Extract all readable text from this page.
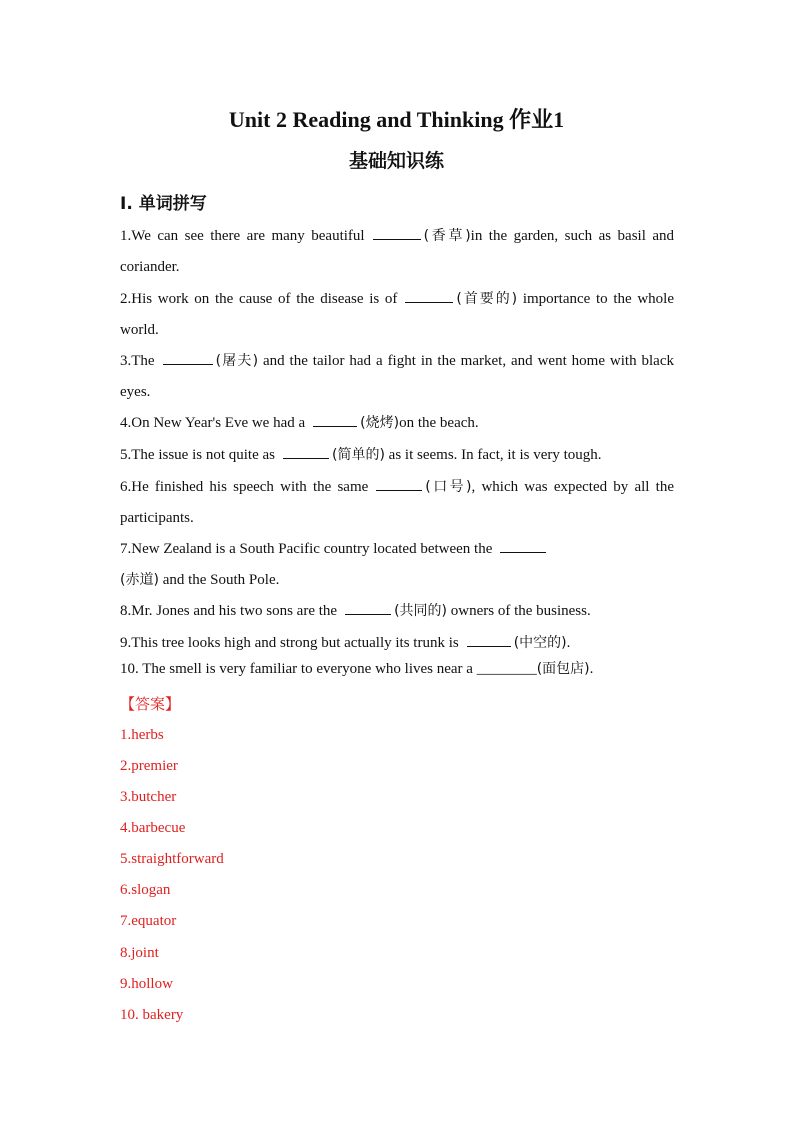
Unit 2 Reading and Thinking 作业1
基础知识练
I. 单词拼写
1.We can see there are many beautiful	(香草)in the garden, such as basil and coriander.
2.His work on the cause of the disease is of	(首要的) importance to the whole world.
3.The	(屠夫) and the tailor had a fight in the market, and went home with black eyes.
4.On New Year's Eve we had a	(烧烤)on the beach.
5.The issue is not quite as	(简单的) as it seems. In fact, it is very tough.
6.He finished his speech with the same	(口号), which was expected by all the participants.
7.New Zealand is a South Pacific country located between the
(赤道) and the South Pole.
8.Mr. Jones and his two sons are the	(共同的) owners of the business.
9.This tree looks high and strong but actually its trunk is	(中空的).
10. The smell is very familiar to everyone who lives near a ________(面包店).
【答案】
1.herbs
2.premier
3.butcher
4.barbecue
5.straightforward
6.slogan
7.equator
8.joint
9.hollow
10. bakery
